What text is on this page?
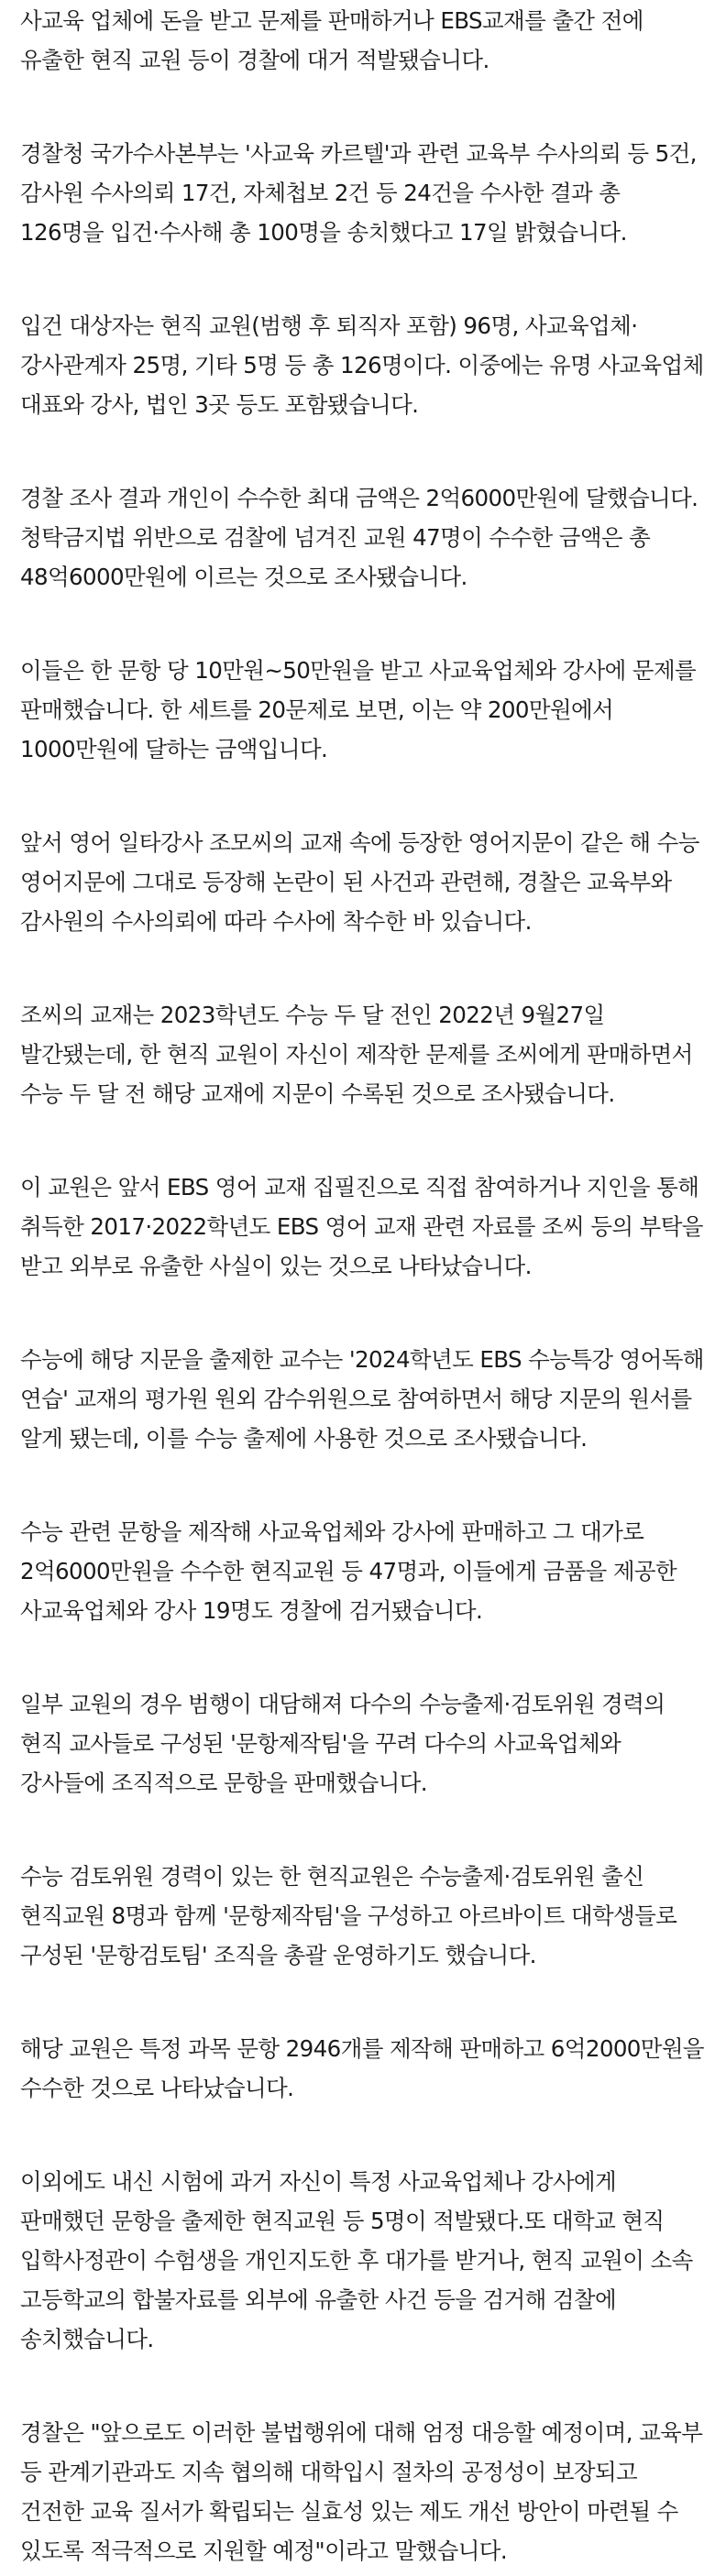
사교육 업체에 돈을 받고 문제를 판매하거나 EBS교재를 출간 전에 유출한 현직 교원 등이 경찰에 대거 적발됐습니다.

경찰청 국가수사본부는 '사교육 카르텔'과 관련 교육부 수사의뢰 등 5건, 감사원 수사의뢰 17건, 자체첩보 2건 등 24건을 수사한 결과 총 126명을 입건·수사해 총 100명을 송치했다고 17일 밝혔습니다.

입건 대상자는 현직 교원(범행 후 퇴직자 포함) 96명, 사교육업체·강사관계자 25명, 기타 5명 등 총 126명이다. 이중에는 유명 사교육업체 대표와 강사, 법인 3곳 등도 포함됐습니다.

경찰 조사 결과 개인이 수수한 최대 금액은 2억6000만원에 달했습니다. 청탁금지법 위반으로 검찰에 넘겨진 교원 47명이 수수한 금액은 총 48억6000만원에 이르는 것으로 조사됐습니다.

이들은 한 문항 당 10만원~50만원을 받고 사교육업체와 강사에 문제를 판매했습니다. 한 세트를 20문제로 보면, 이는 약 200만원에서 1000만원에 달하는 금액입니다.

앞서 영어 일타강사 조모씨의 교재 속에 등장한 영어지문이 같은 해 수능 영어지문에 그대로 등장해 논란이 된 사건과 관련해, 경찰은 교육부와 감사원의 수사의뢰에 따라 수사에 착수한 바 있습니다.

조씨의 교재는 2023학년도 수능 두 달 전인 2022년 9월27일 발간됐는데, 한 현직 교원이 자신이 제작한 문제를 조씨에게 판매하면서 수능 두 달 전 해당 교재에 지문이 수록된 것으로 조사됐습니다.

이 교원은 앞서 EBS 영어 교재 집필진으로 직접 참여하거나 지인을 통해 취득한 2017·2022학년도 EBS 영어 교재 관련 자료를 조씨 등의 부탁을 받고 외부로 유출한 사실이 있는 것으로 나타났습니다.

수능에 해당 지문을 출제한 교수는 '2024학년도 EBS 수능특강 영어독해 연습' 교재의 평가원 원외 감수위원으로 참여하면서 해당 지문의 원서를 알게 됐는데, 이를 수능 출제에 사용한 것으로 조사됐습니다.

수능 관련 문항을 제작해 사교육업체와 강사에 판매하고 그 대가로 2억6000만원을 수수한 현직교원 등 47명과, 이들에게 금품을 제공한 사교육업체와 강사 19명도 경찰에 검거됐습니다.

일부 교원의 경우 범행이 대담해져 다수의 수능출제·검토위원 경력의 현직 교사들로 구성된 '문항제작팀'을 꾸려 다수의 사교육업체와 강사들에 조직적으로 문항을 판매했습니다.

수능 검토위원 경력이 있는 한 현직교원은 수능출제·검토위원 출신 현직교원 8명과 함께 '문항제작팀'을 구성하고 아르바이트 대학생들로 구성된 '문항검토팀' 조직을 총괄 운영하기도 했습니다.

해당 교원은 특정 과목 문항 2946개를 제작해 판매하고 6억2000만원을 수수한 것으로 나타났습니다.

이외에도 내신 시험에 과거 자신이 특정 사교육업체나 강사에게 판매했던 문항을 출제한 현직교원 등 5명이 적발됐다.또 대학교 현직 입학사정관이 수험생을 개인지도한 후 대가를 받거나, 현직 교원이 소속 고등학교의 합불자료를 외부에 유출한 사건 등을 검거해 검찰에 송치했습니다.

경찰은 "앞으로도 이러한 불법행위에 대해 엄정 대응할 예정이며, 교육부 등 관계기관과도 지속 협의해 대학입시 절차의 공정성이 보장되고 건전한 교육 질서가 확립되는 실효성 있는 제도 개선 방안이 마련될 수 있도록 적극적으로 지원할 예정"이라고 말했습니다.
